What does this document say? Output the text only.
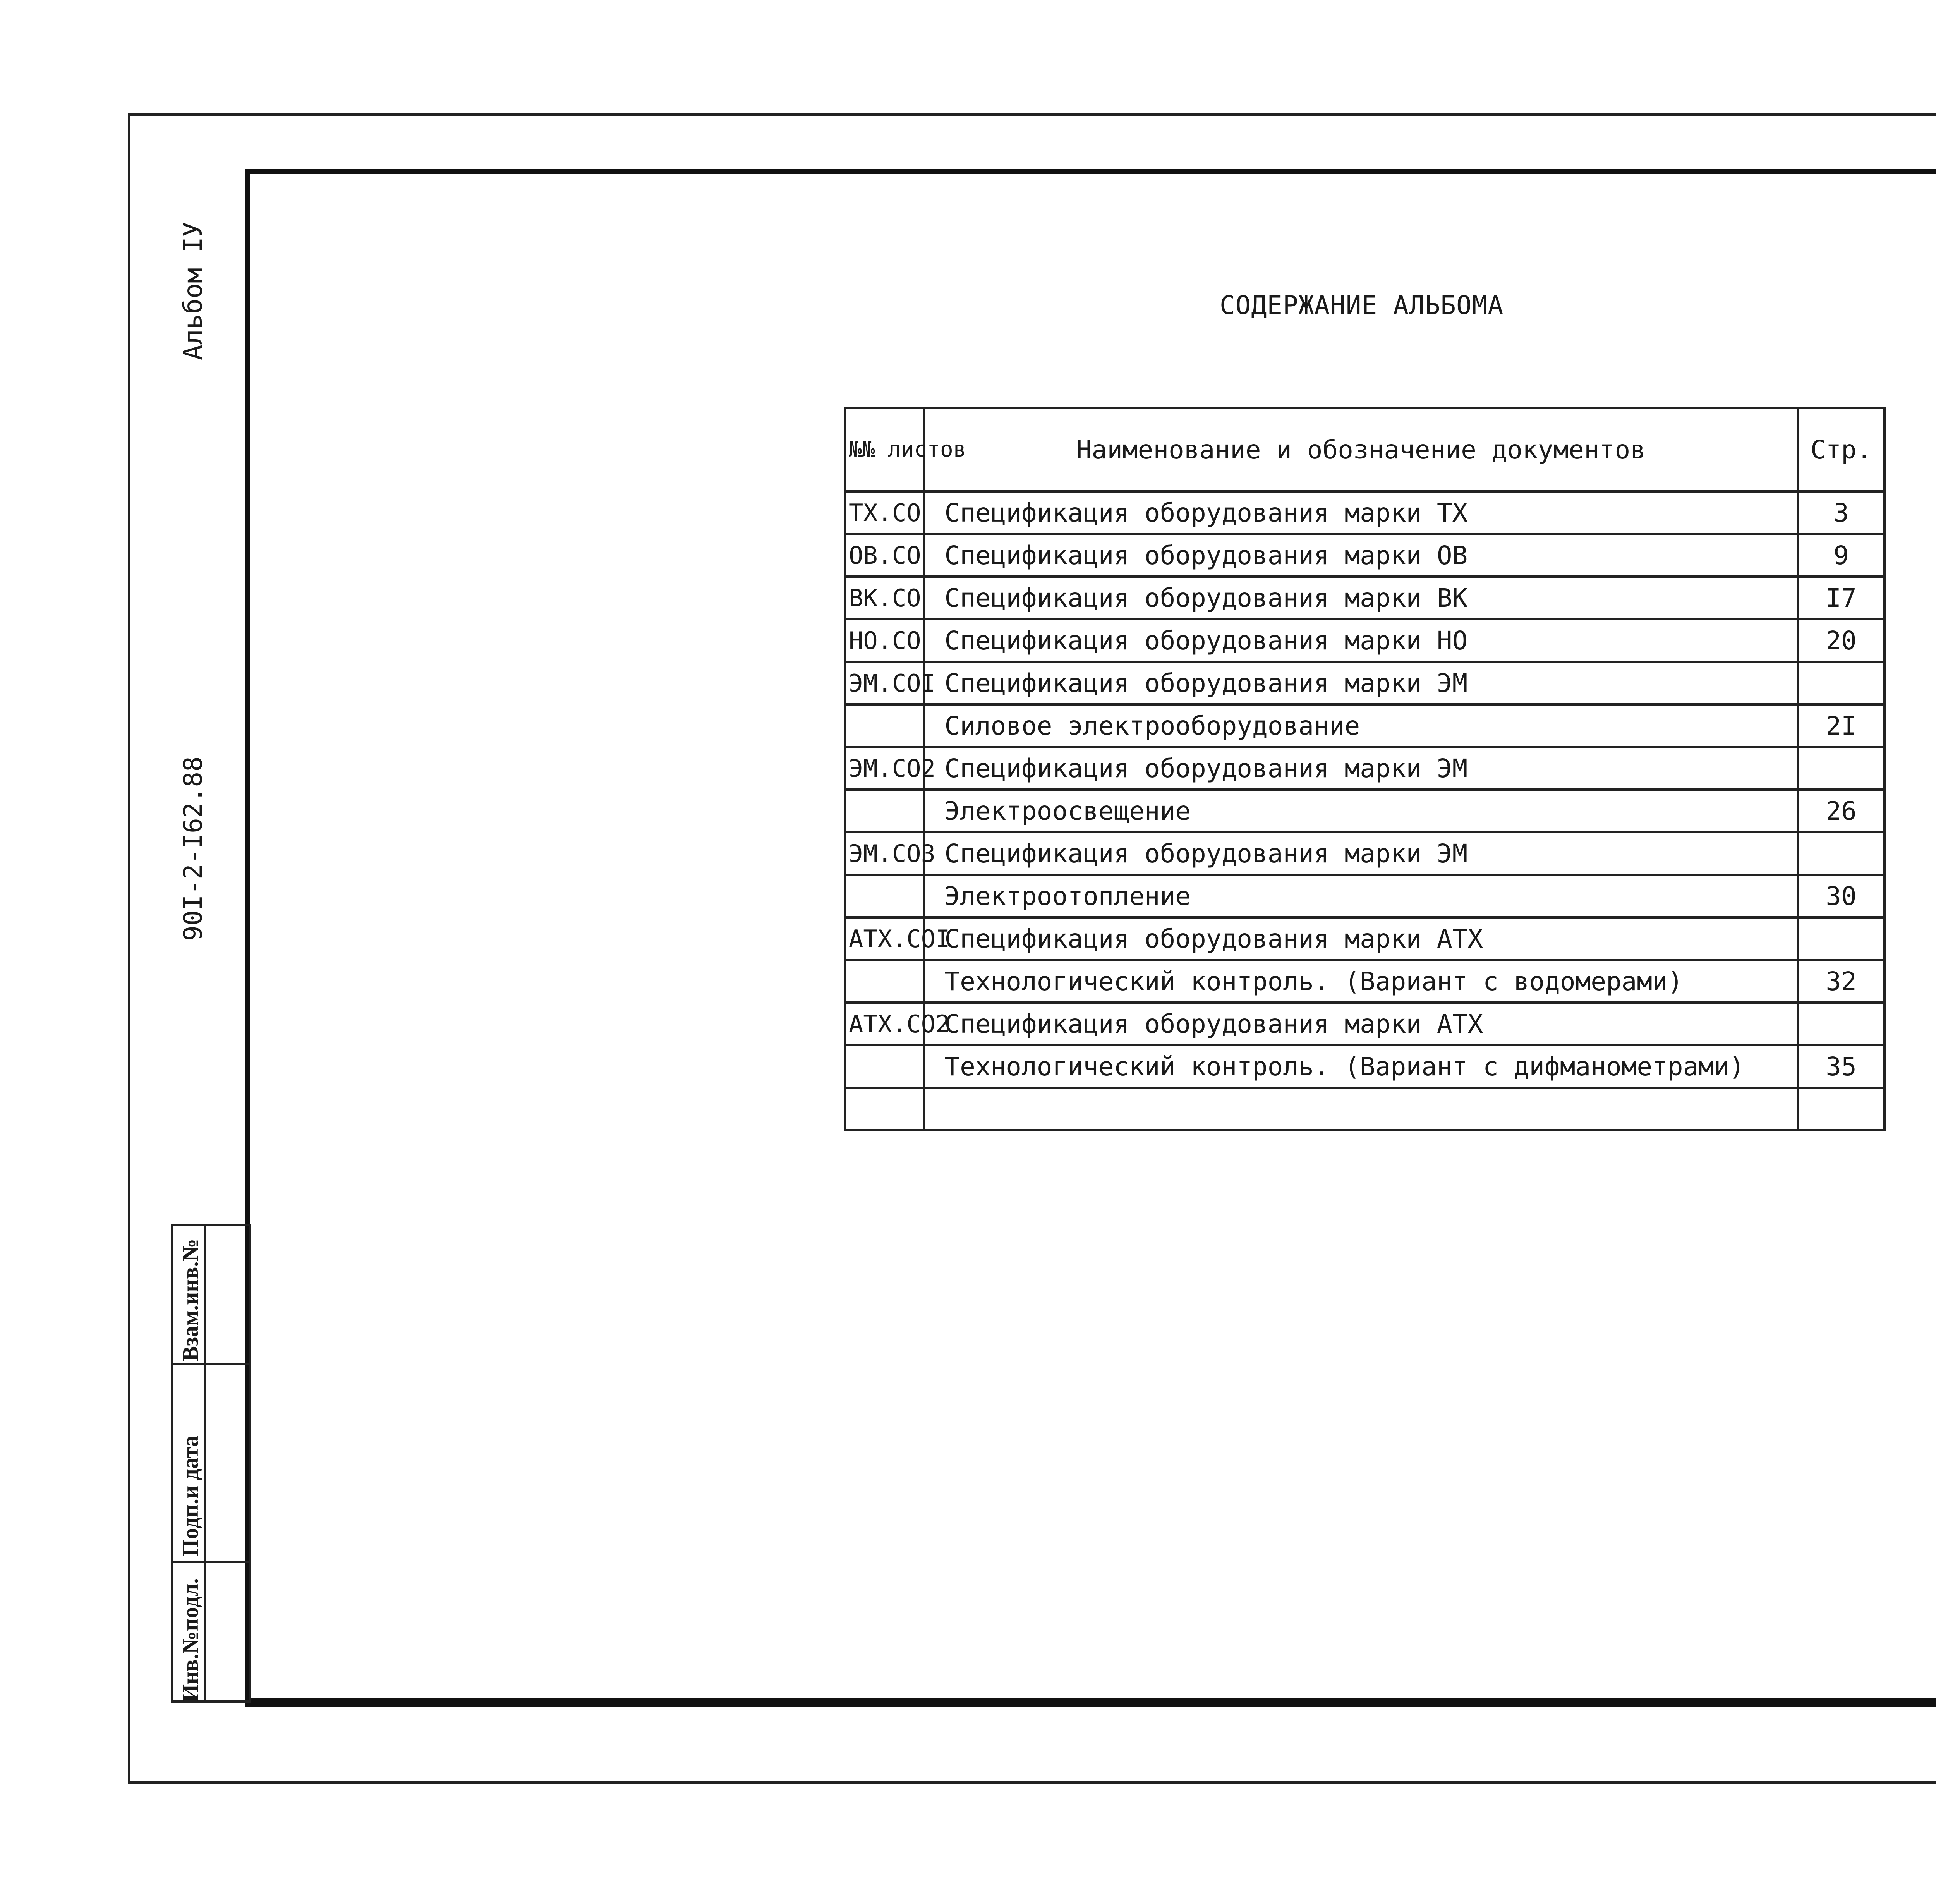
Альбом IУ
90I-2-I62.88
Взам.инв.№
Подп.и дата
Инв.№подл.
СОДЕРЖАНИЕ АЛЬБОМА
№№ листов	Наименование и обозначение документов	Стр.
ТХ.СО	Спецификация оборудования марки ТХ	3
ОВ.СО	Спецификация оборудования марки ОВ	9
ВК.СО	Спецификация оборудования марки ВК	I7
НО.СО	Спецификация оборудования марки НО	20
ЭМ.СОI	Спецификация оборудования марки ЭМ	
	Силовое электрооборудование	2I
ЭМ.СО2	Спецификация оборудования марки ЭМ	
	Электроосвещение	26
ЭМ.СО3	Спецификация оборудования марки ЭМ	
	Электроотопление	30
АТХ.СОI	Спецификация оборудования марки АТХ	
	Технологический контроль. (Вариант с водомерами)	32
АТХ.СО2	Спецификация оборудования марки АТХ	
	Технологический контроль. (Вариант с дифманометрами)	35
